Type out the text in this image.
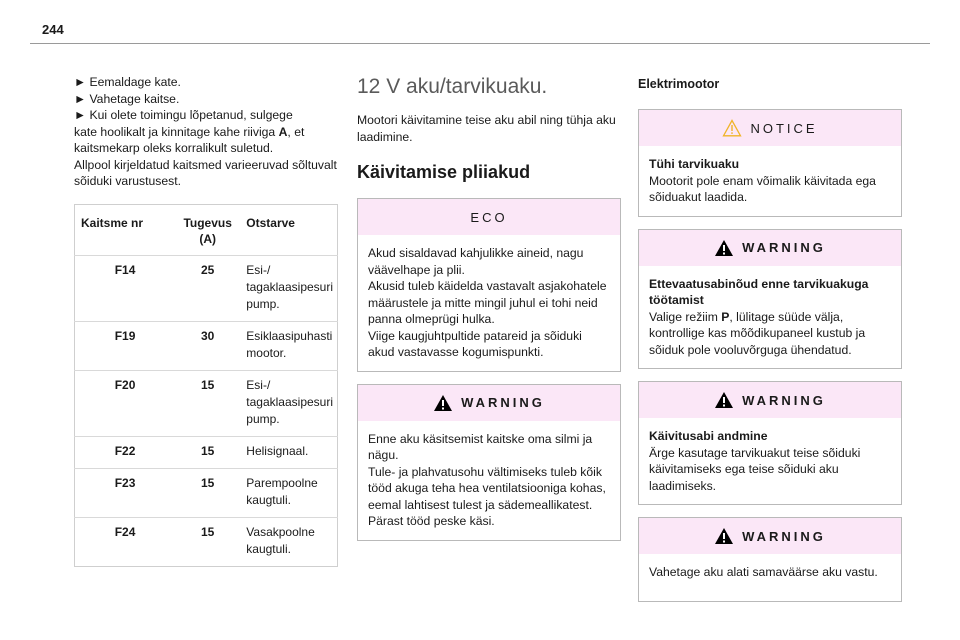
244

► Eemaldage kate.

► Vahetage kaitse.

► Kui olete toimingu lõpetanud, sulgege

kate hoolikalt ja kinnitage kahe riiviga A, et

kaitsmekarp oleks korralikult suletud.

Allpool kirjeldatud kaitsmed varieeruvad sõltuvalt

sõiduki varustusest.

Kaitsme nr	Tugevus (A)	Otstarve
F14	25	Esi-/ tagaklaasipesuri pump.
F19	30	Esiklaasipuhasti mootor.
F20	15	Esi-/ tagaklaasipesuri pump.
F22	15	Helisignaal.
F23	15	Parempoolne kaugtuli.
F24	15	Vasakpoolne kaugtuli.
12 V aku/tarvikuaku.

Mootori käivitamine teise aku abil ning tühja aku laadimine.

Käivitamise pliiakud
ECO
Akud sisaldavad kahjulikke aineid, nagu väävelhape ja plii.
Akusid tuleb käidelda vastavalt asjakohatele määrustele ja mitte mingil juhul ei tohi neid panna olmeprügi hulka.
Viige kaugjuhtpultide patareid ja sõiduki akud vastavasse kogumispunkti.
WARNING
Enne aku käsitsemist kaitske oma silmi ja nägu.
Tule- ja plahvatusohu vältimiseks tuleb kõik tööd akuga teha hea ventilatsiooniga kohas, eemal lahtisest tulest ja sädemeallikatest.
Pärast tööd peske käsi.
Elektrimootor
NOTICE
Tühi tarvikuaku
Mootorit pole enam võimalik käivitada ega sõiduakut laadida.
WARNING
Ettevaatusabinõud enne tarvikuakuga töötamist
Valige režiim P, lülitage süüde välja, kontrollige kas mõõdikupaneel kustub ja sõiduk pole vooluvõrguga ühendatud.
WARNING
Käivitusabi andmine
Ärge kasutage tarvikuakut teise sõiduki käivitamiseks ega teise sõiduki aku laadimiseks.
WARNING
Vahetage aku alati samaväärse aku vastu.
